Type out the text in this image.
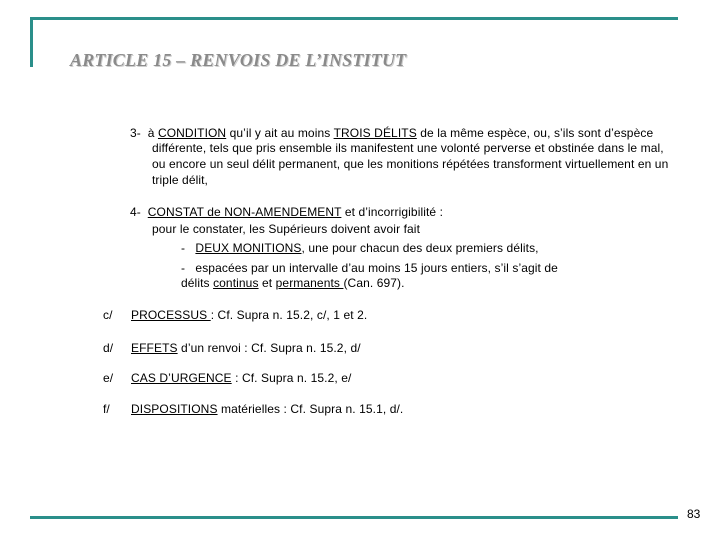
ARTICLE 15 – RENVOIS DE L’INSTITUT
3- à CONDITION qu’il y ait au moins TROIS DÉLITS de la même espèce, ou, s’ils sont d’espèce
différente, tels que pris ensemble ils manifestent une volonté perverse et obstinée dans le mal,
ou encore un seul délit permanent, que les monitions répétées transforment virtuellement en un
triple délit,
4- CONSTAT de NON-AMENDEMENT et d’incorrigibilité :
pour le constater, les Supérieurs doivent avoir fait
- DEUX MONITIONS, une pour chacun des deux premiers délits,
- espacées par un intervalle d’au moins 15 jours entiers, s’il s’agit de
délits continus et permanents (Can. 697).
c/ PROCESSUS : Cf. Supra n. 15.2, c/, 1 et 2.
d/ EFFETS d’un renvoi : Cf. Supra n. 15.2, d/
e/ CAS D’URGENCE : Cf. Supra n. 15.2, e/
f/ DISPOSITIONS matérielles : Cf. Supra n. 15.1, d/.
83
